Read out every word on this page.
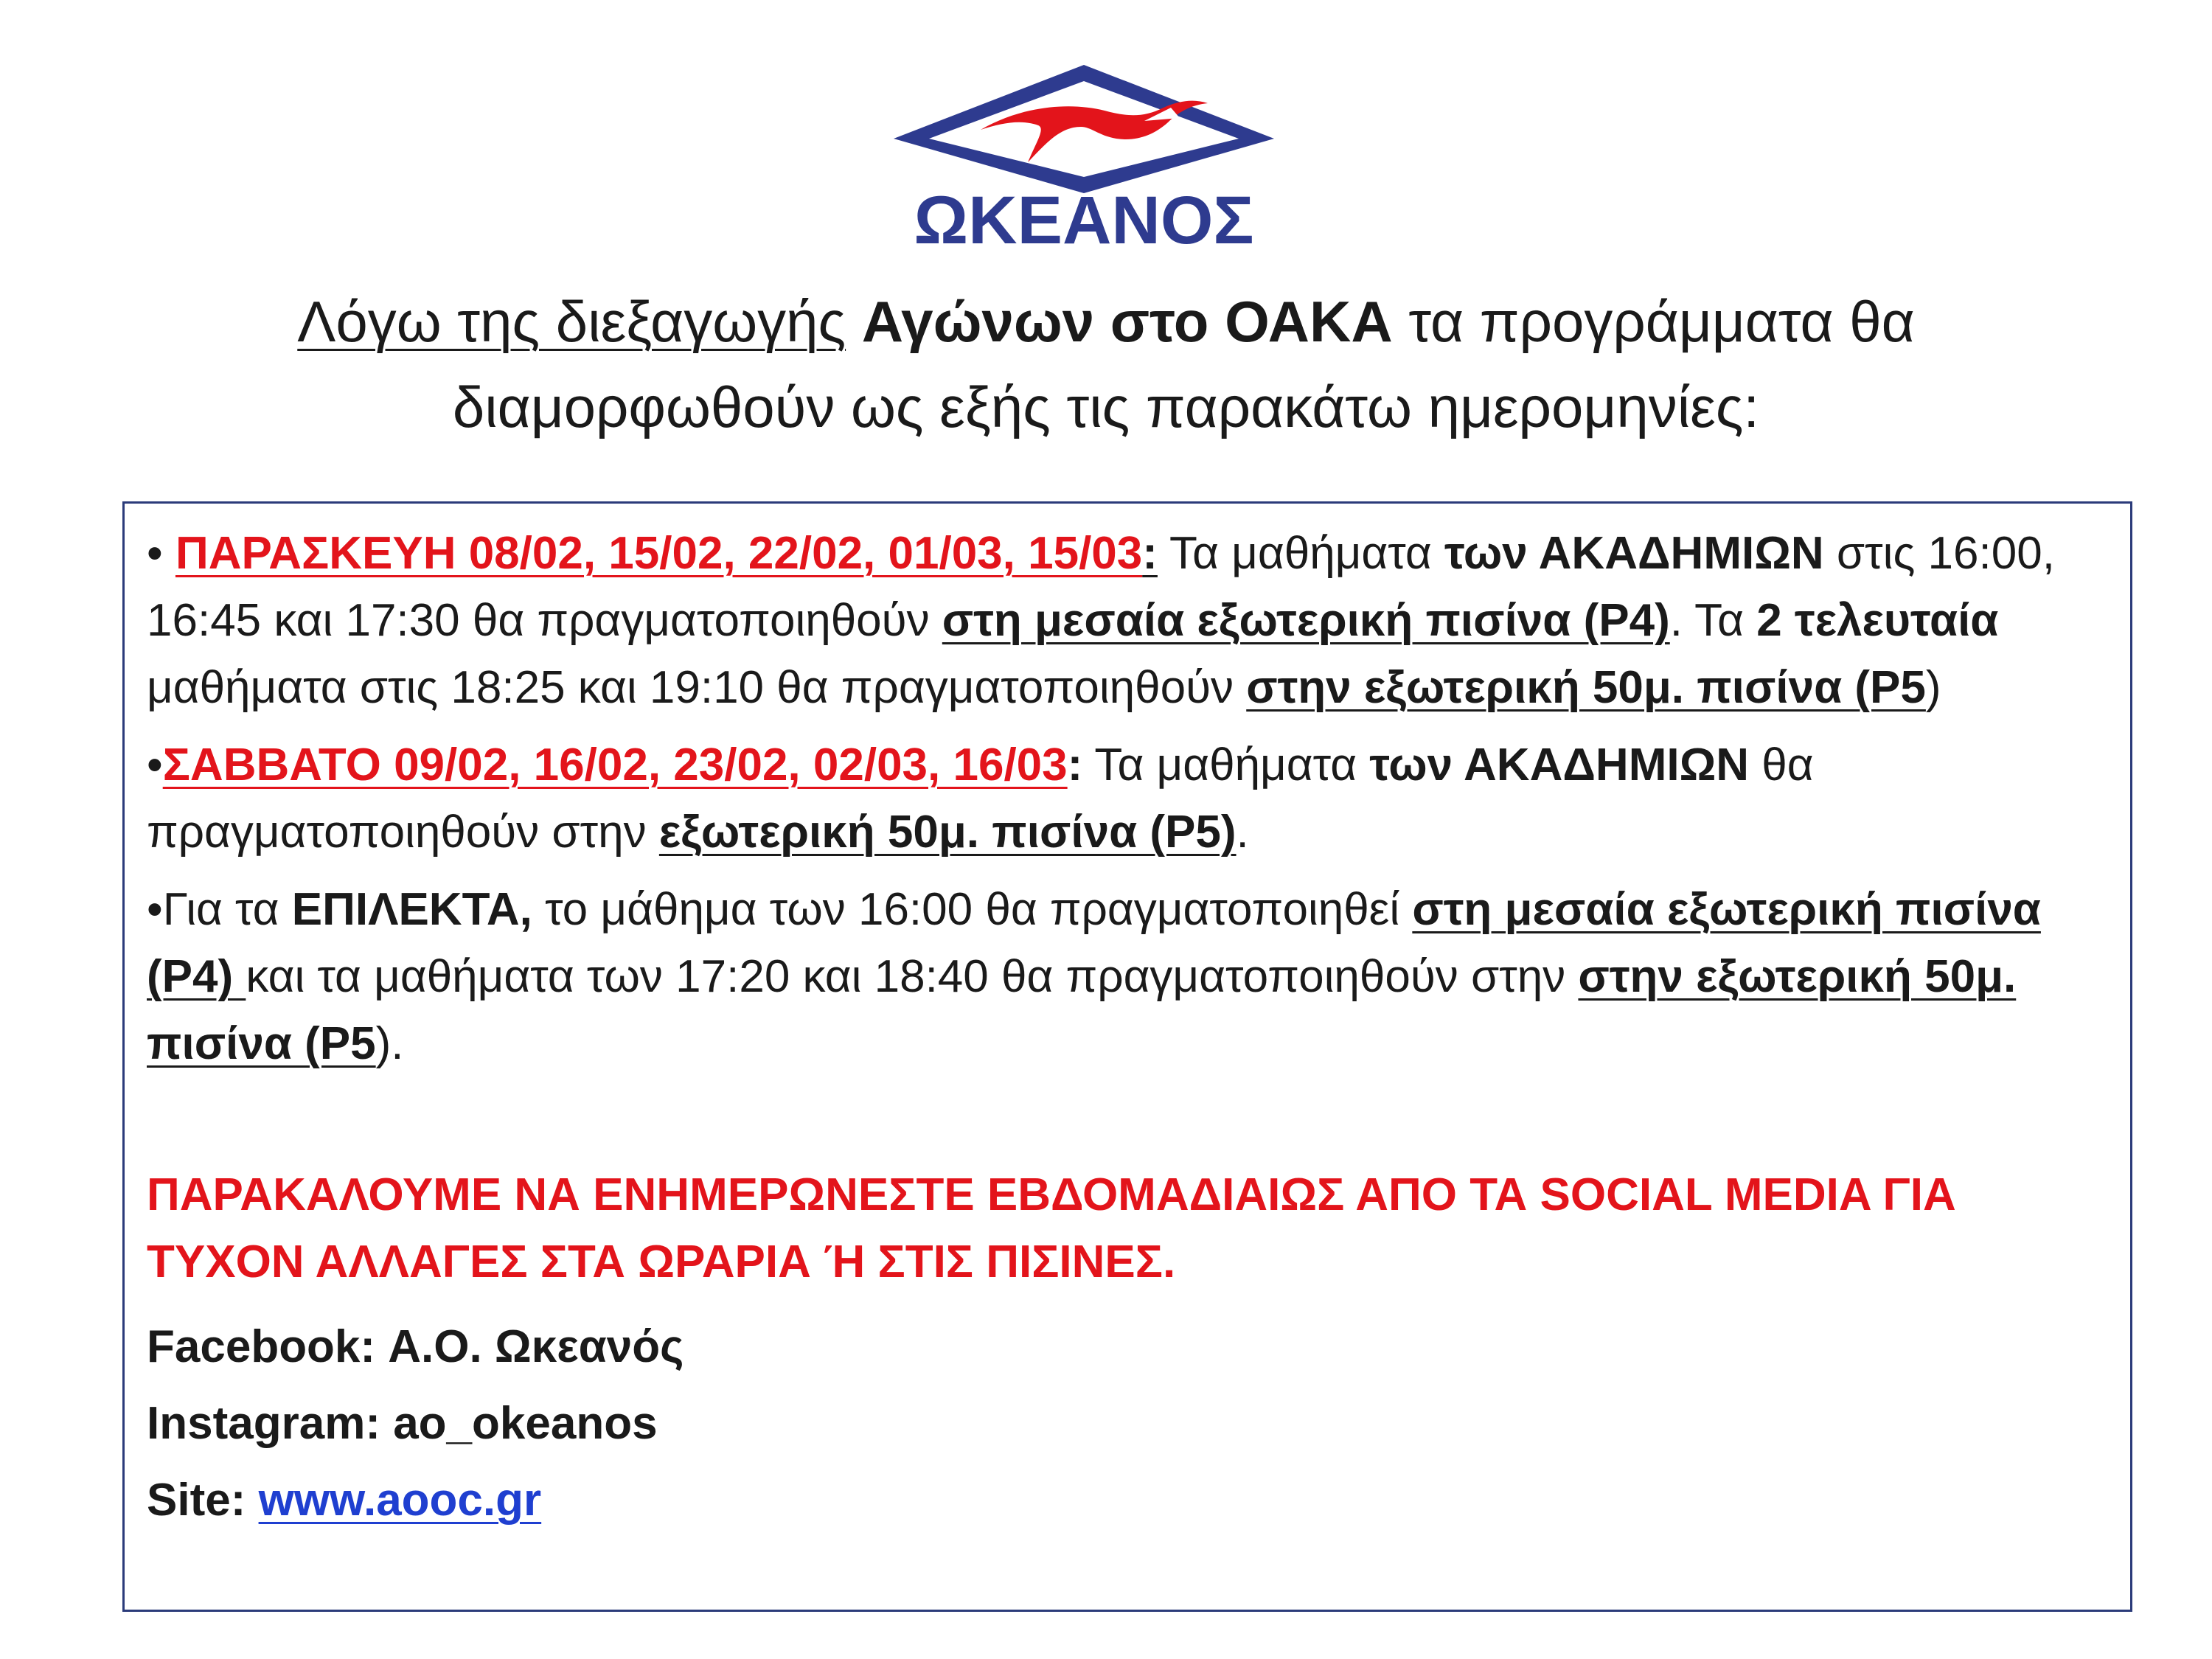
ΩΚΕΑΝΟΣ
Λόγω της διεξαγωγής Αγώνων στο ΟΑΚΑ τα προγράμματα θα
διαμορφωθούν ως εξής τις παρακάτω ημερομηνίες:

• ΠΑΡΑΣΚΕΥΗ 08/02, 15/02, 22/02, 01/03, 15/03: Τα μαθήματα των ΑΚΑΔΗΜΙΩΝ στις 16:00, 16:45 και 17:30 θα πραγματοποιηθούν στη μεσαία εξωτερική πισίνα (P4). Τα 2 τελευταία μαθήματα στις 18:25 και 19:10 θα πραγματοποιηθούν στην εξωτερική 50μ. πισίνα (P5)

•ΣΑΒΒΑΤΟ 09/02, 16/02, 23/02, 02/03, 16/03: Τα μαθήματα των ΑΚΑΔΗΜΙΩΝ θα πραγματοποιηθούν στην εξωτερική 50μ. πισίνα (P5).

•Για τα ΕΠΙΛΕΚΤΑ, το μάθημα των 16:00 θα πραγματοποιηθεί στη μεσαία εξωτερική πισίνα (P4) και τα μαθήματα των 17:20 και 18:40 θα πραγματοποιηθούν στην στην εξωτερική 50μ. πισίνα (P5).

ΠΑΡΑΚΑΛΟΥΜΕ ΝΑ ΕΝΗΜΕΡΩΝΕΣΤΕ ΕΒΔΟΜΑΔΙΑΙΩΣ ΑΠΟ ΤΑ SOCIAL MEDIA ΓΙΑ ΤΥΧΟΝ ΑΛΛΑΓΕΣ ΣΤΑ ΩΡΑΡΙΑ Ή ΣΤΙΣ ΠΙΣΙΝΕΣ.

Facebook: Α.Ο. Ωκεανός

Instagram: ao_okeanos

Site: www.aooc.gr
